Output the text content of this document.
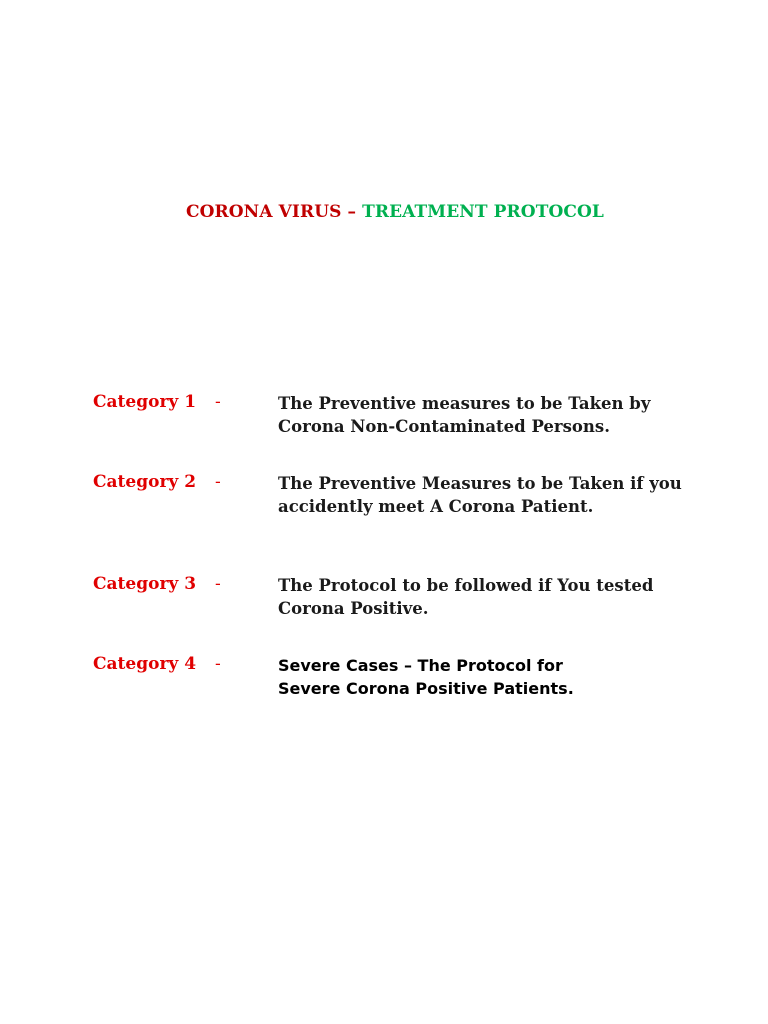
CORONA VIRUS – TREATMENT PROTOCOL
Category 1 -	The Preventive measures to be Taken by Corona Non-Contaminated Persons.
Category 2 -	The Preventive Measures to be Taken if you accidently meet A Corona Patient.
Category 3 -	The Protocol to be followed if You tested Corona Positive.
Category 4 -	Severe Cases – The Protocol for Severe Corona Positive Patients.
